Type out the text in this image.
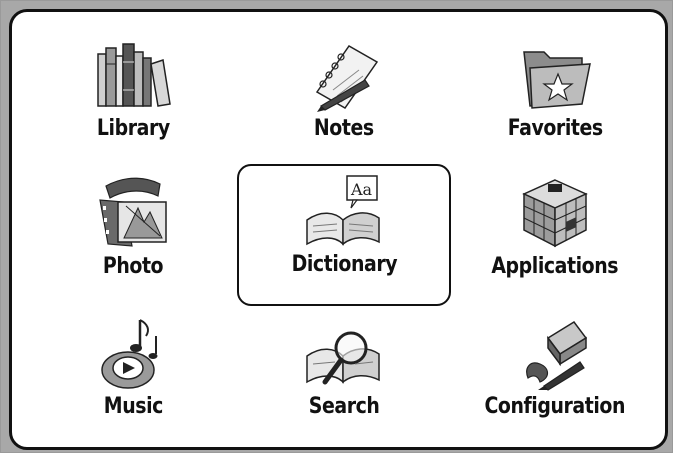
Library	Notes	Favorites
Photo
Aa
Dictionary	Applications
Music	Search	Configuration
